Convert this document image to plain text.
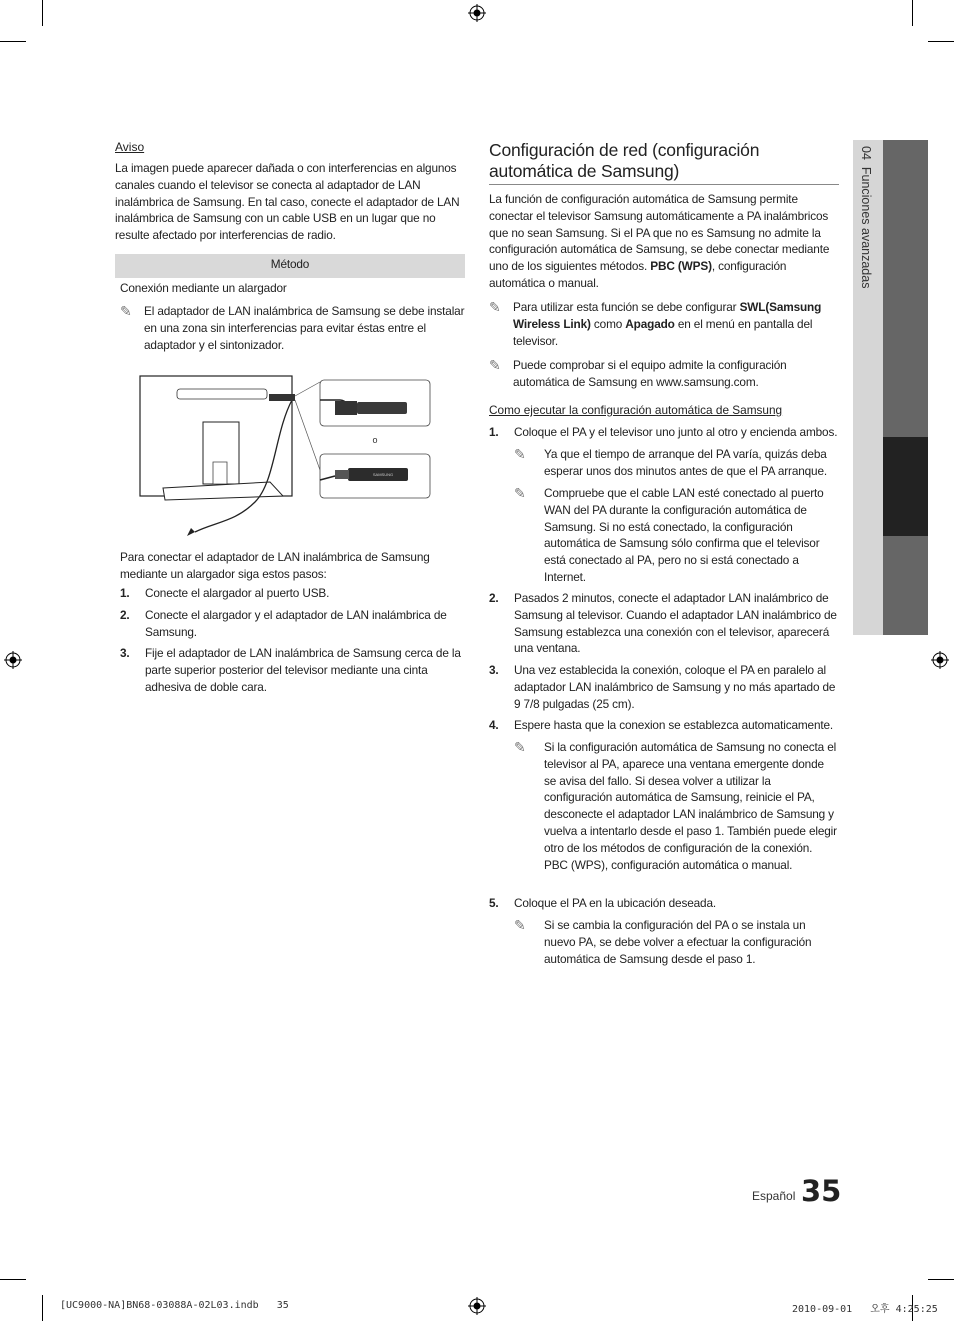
04  Funciones avanzadas
Aviso
La imagen puede aparecer dañada o con interferencias en algunos canales cuando el televisor se conecta al adaptador de LAN inalámbrica de Samsung. En tal caso, conecte el adaptador de LAN inalámbrica de Samsung con un cable USB en un lugar que no resulte afectado por interferencias de radio.
Método
Conexión mediante un alargador
✎	El adaptador de LAN inalámbrica de Samsung se debe instalar en una zona sin interferencias para evitar éstas entre el adaptador y el sintonizador.
SAMSUNG
o
Para conectar el adaptador de LAN inalámbrica de Samsung mediante un alargador siga estos pasos:
1.	Conecte el alargador al puerto USB.
2.	Conecte el alargador y el adaptador de LAN inalámbrica de Samsung.
3.	Fije el adaptador de LAN inalámbrica de Samsung cerca de la parte superior posterior del televisor mediante una cinta adhesiva de doble cara.
Configuración de red (configuración automática de Samsung)
La función de configuración automática de Samsung permite conectar el televisor Samsung automáticamente a PA inalámbricos que no sean Samsung. Si el PA que no es Samsung no admite la configuración automática de Samsung, se debe conectar mediante uno de los siguientes métodos. PBC (WPS), configuración automática o manual.
✎	Para utilizar esta función se debe configurar SWL(Samsung Wireless Link) como Apagado en el menú en pantalla del televisor.
✎	Puede comprobar si el equipo admite la configuración automática de Samsung en www.samsung.com.
Como ejecutar la configuración automática de Samsung
1.	Coloque el PA y el televisor uno junto al otro y encienda ambos.
✎	Ya que el tiempo de arranque del PA varía, quizás deba esperar unos dos minutos antes de que el PA arranque.
✎	Compruebe que el cable LAN esté conectado al puerto WAN del PA durante la configuración automática de Samsung. Si no está conectado, la configuración automática de Samsung sólo confirma que el televisor está conectado al PA, pero no si está conectado a Internet.
2.	Pasados 2 minutos, conecte el adaptador LAN inalámbrico de Samsung al televisor. Cuando el adaptador LAN inalámbrico de Samsung establezca una conexión con el televisor, aparecerá una ventana.
3.	Una vez establecida la conexión, coloque el PA en paralelo al adaptador LAN inalámbrico de Samsung y no más apartado de 9 7/8 pulgadas (25 cm).
4.	Espere hasta que la conexion se establezca automaticamente.
✎	Si la configuración automática de Samsung no conecta el televisor al PA, aparece una ventana emergente donde se avisa del fallo. Si desea volver a utilizar la configuración automática de Samsung, reinicie el PA, desconecte el adaptador LAN inalámbrico de Samsung y vuelva a intentarlo desde el paso 1. También puede elegir otro de los métodos de configuración de la conexión. PBC (WPS), configuración automática o manual.
5.	Coloque el PA en la ubicación deseada.
✎	Si se cambia la configuración del PA o se instala un nuevo PA, se debe volver a efectuar la configuración automática de Samsung desde el paso 1.
Español 35
[UC9000-NA]BN68-03088A-02L03.indb   35	2010-09-01   오후 4:25:25
